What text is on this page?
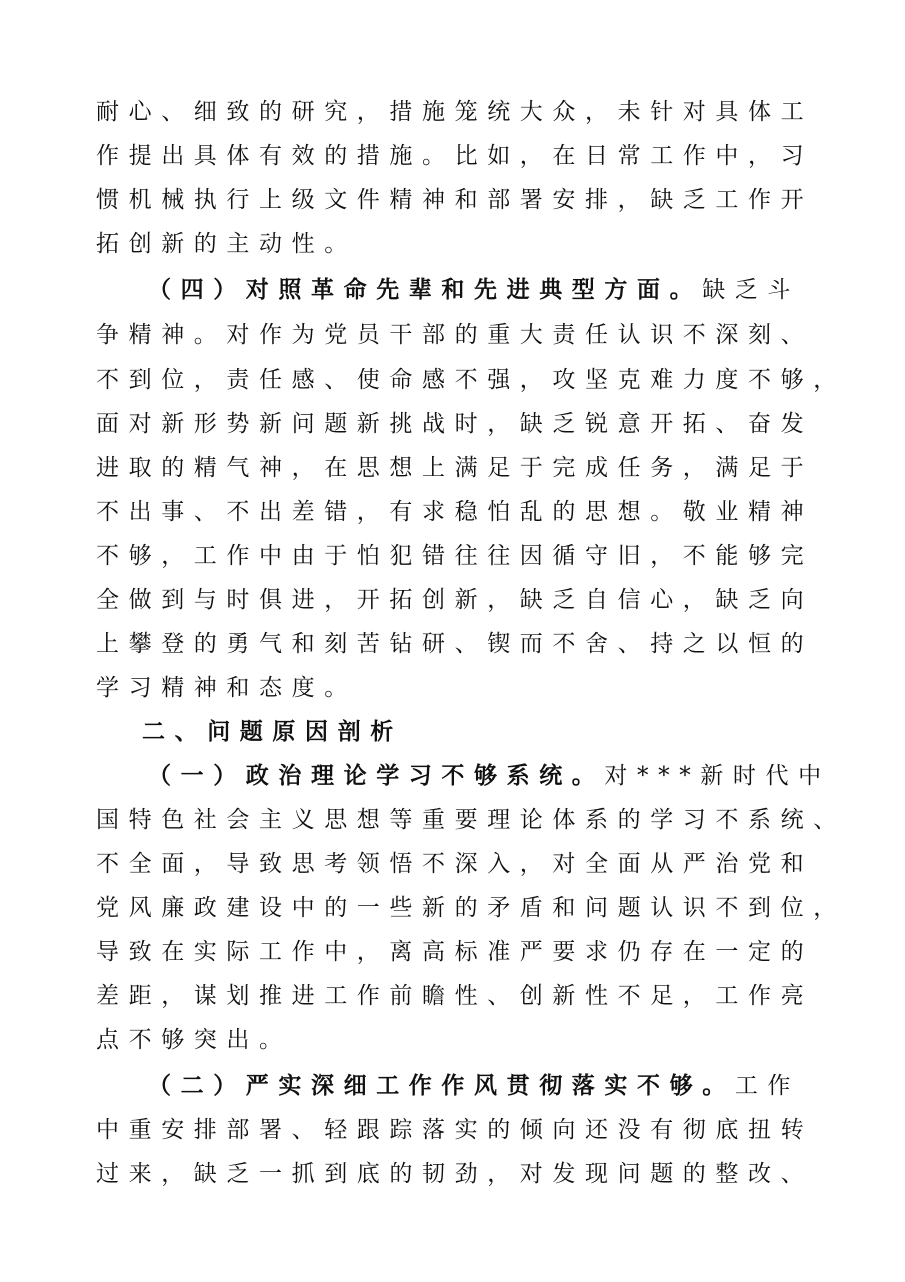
耐心、细致的研究，措施笼统大众，未针对具体工
作提出具体有效的措施。比如，在日常工作中，习
惯机械执行上级文件精神和部署安排，缺乏工作开
拓创新的主动性。
（四）对照革命先辈和先进典型方面。缺乏斗
争精神。对作为党员干部的重大责任认识不深刻、
不到位，责任感、使命感不强，攻坚克难力度不够，
面对新形势新问题新挑战时，缺乏锐意开拓、奋发
进取的精气神，在思想上满足于完成任务，满足于
不出事、不出差错，有求稳怕乱的思想。敬业精神
不够，工作中由于怕犯错往往因循守旧，不能够完
全做到与时俱进，开拓创新，缺乏自信心，缺乏向
上攀登的勇气和刻苦钻研、锲而不舍、持之以恒的
学习精神和态度。
二、问题原因剖析
（一）政治理论学习不够系统。对***新时代中
国特色社会主义思想等重要理论体系的学习不系统、
不全面，导致思考领悟不深入，对全面从严治党和
党风廉政建设中的一些新的矛盾和问题认识不到位，
导致在实际工作中，离高标准严要求仍存在一定的
差距，谋划推进工作前瞻性、创新性不足，工作亮
点不够突出。
（二）严实深细工作作风贯彻落实不够。工作
中重安排部署、轻跟踪落实的倾向还没有彻底扭转
过来，缺乏一抓到底的韧劲，对发现问题的整改、
